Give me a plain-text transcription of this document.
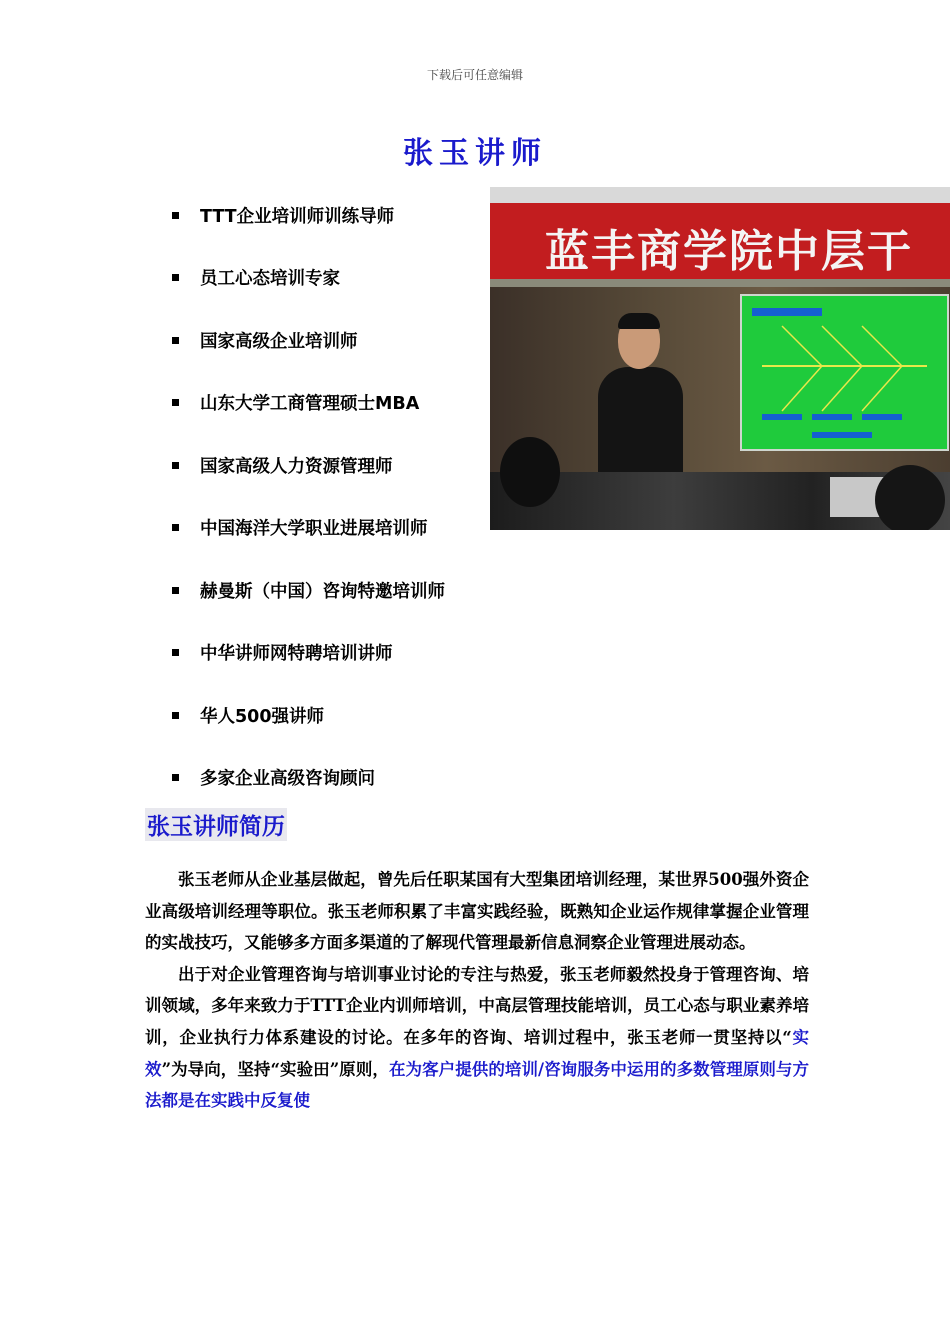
下载后可任意编辑
张玉讲师
TTT企业培训师训练导师
员工心态培训专家
国家高级企业培训师
山东大学工商管理硕士MBA
国家高级人力资源管理师
中国海洋大学职业进展培训师
赫曼斯（中国）咨询特邀培训师
中华讲师网特聘培训讲师
华人500强讲师
多家企业高级咨询顾问
蓝丰商学院中层干
张玉讲师简历

张玉老师从企业基层做起，曾先后任职某国有大型集团培训经理，某世界500强外资企业高级培训经理等职位。张玉老师积累了丰富实践经验，既熟知企业运作规律掌握企业管理的实战技巧，又能够多方面多渠道的了解现代管理最新信息洞察企业管理进展动态。

出于对企业管理咨询与培训事业讨论的专注与热爱，张玉老师毅然投身于管理咨询、培训领域，多年来致力于TTT企业内训师培训，中高层管理技能培训，员工心态与职业素养培训，企业执行力体系建设的讨论。在多年的咨询、培训过程中，张玉老师一贯坚持以“实效”为导向，坚持“实验田”原则，在为客户提供的培训/咨询服务中运用的多数管理原则与方法都是在实践中反复使
